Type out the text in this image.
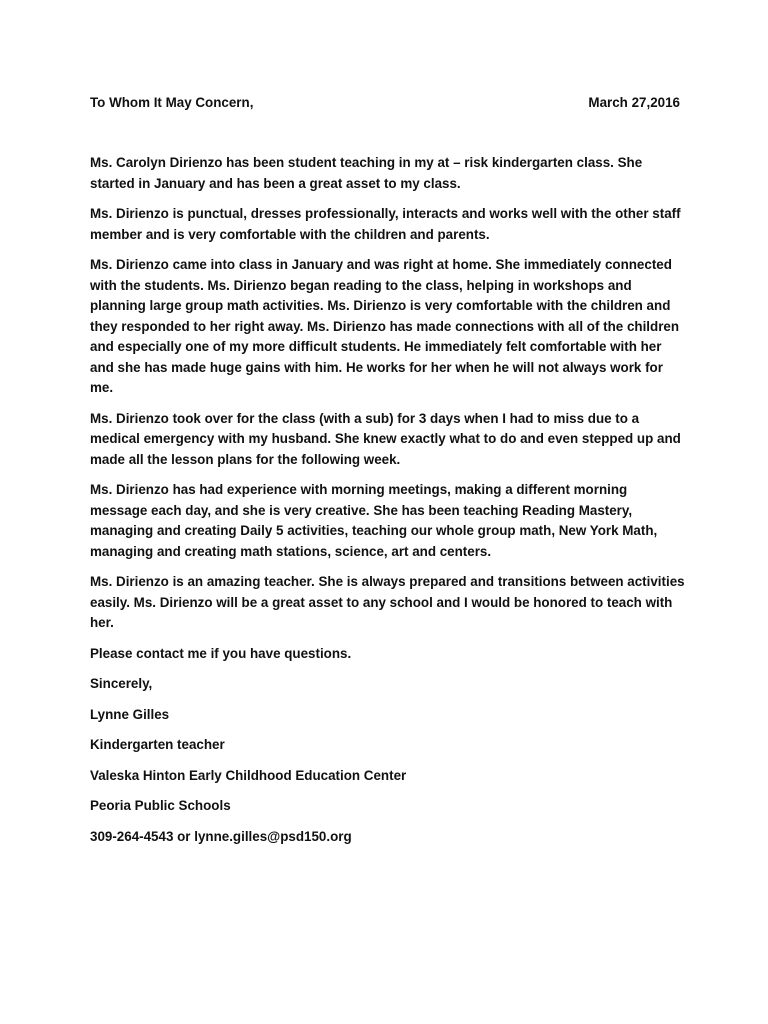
To Whom It May Concern,	March 27,2016
Ms. Carolyn Dirienzo has been student teaching in my at – risk kindergarten class. She
started in January and has been a great asset to my class.
Ms. Dirienzo is punctual, dresses professionally, interacts and works well with the other staff
member and is very comfortable with the children and parents.
Ms. Dirienzo came into class in January and was right at home. She immediately connected
with the students. Ms. Dirienzo began reading to the class, helping in workshops and
planning large group math activities. Ms. Dirienzo is very comfortable with the children and
they responded to her right away. Ms. Dirienzo has made connections with all of the children
and especially one of my more difficult students. He immediately felt comfortable with her
and she has made huge gains with him. He works for her when he will not always work for
me.
Ms. Dirienzo took over for the class (with a sub) for 3 days when I had to miss due to a
medical emergency with my husband. She knew exactly what to do and even stepped up and
made all the lesson plans for the following week.
Ms. Dirienzo has had experience with morning meetings, making a different morning
message each day, and she is very creative. She has been teaching Reading Mastery,
managing and creating Daily 5 activities, teaching our whole group math, New York Math,
managing and creating math stations, science, art and centers.
Ms. Dirienzo is an amazing teacher. She is always prepared and transitions between activities
easily. Ms. Dirienzo will be a great asset to any school and I would be honored to teach with
her.
Please contact me if you have questions.
Sincerely,
Lynne Gilles
Kindergarten teacher
Valeska Hinton Early Childhood Education Center
Peoria Public Schools
309-264-4543 or lynne.gilles@psd150.org
